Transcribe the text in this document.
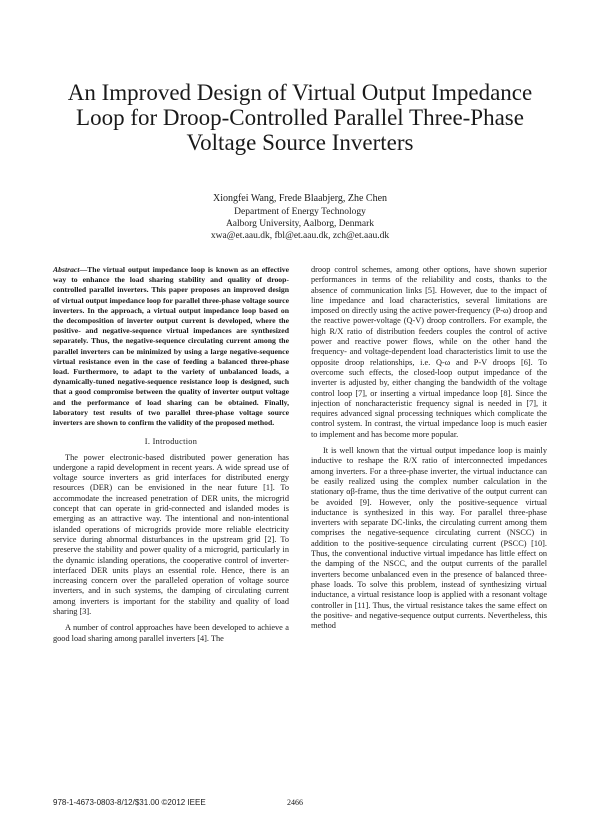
An Improved Design of Virtual Output Impedance
Loop for Droop-Controlled Parallel Three-Phase
Voltage Source Inverters
Xiongfei Wang, Frede Blaabjerg, Zhe Chen
Department of Energy Technology
Aalborg University, Aalborg, Denmark
xwa@et.aau.dk, fbl@et.aau.dk, zch@et.aau.dk

Abstract—The virtual output impedance loop is known as an effective way to enhance the load sharing stability and quality of droop-controlled parallel inverters. This paper proposes an improved design of virtual output impedance loop for parallel three-phase voltage source inverters. In the approach, a virtual output impedance loop based on the decomposition of inverter output current is developed, where the positive- and negative-sequence virtual impedances are synthesized separately. Thus, the negative-sequence circulating current among the parallel inverters can be minimized by using a large negative-sequence virtual resistance even in the case of feeding a balanced three-phase load. Furthermore, to adapt to the variety of unbalanced loads, a dynamically-tuned negative-sequence resistance loop is designed, such that a good compromise between the quality of inverter output voltage and the performance of load sharing can be obtained. Finally, laboratory test results of two parallel three-phase voltage source inverters are shown to confirm the validity of the proposed method.

I. Introduction

The power electronic-based distributed power generation has undergone a rapid development in recent years. A wide spread use of voltage source inverters as grid interfaces for distributed energy resources (DER) can be envisioned in the near future [1]. To accommodate the increased penetration of DER units, the microgrid concept that can operate in grid-connected and islanded modes is emerging as an attractive way. The intentional and non-intentional islanded operations of microgrids provide more reliable electricity service during abnormal disturbances in the upstream grid [2]. To preserve the stability and power quality of a microgrid, particularly in the dynamic islanding operations, the cooperative control of inverter-interfaced DER units plays an essential role. Hence, there is an increasing concern over the paralleled operation of voltage source inverters, and in such systems, the damping of circulating current among inverters is important for the stability and quality of load sharing [3].

A number of control approaches have been developed to achieve a good load sharing among parallel inverters [4]. The

droop control schemes, among other options, have shown superior performances in terms of the reliability and costs, thanks to the absence of communication links [5]. However, due to the impact of line impedance and load characteristics, several limitations are imposed on directly using the active power-frequency (P-ω) droop and the reactive power-voltage (Q-V) droop controllers. For example, the high R/X ratio of distribution feeders couples the control of active power and reactive power flows, while on the other hand the frequency- and voltage-dependent load characteristics limit to use the opposite droop relationships, i.e. Q-ω and P-V droops [6]. To overcome such effects, the closed-loop output impedance of the inverter is adjusted by, either changing the bandwidth of the voltage control loop [7], or inserting a virtual impedance loop [8]. Since the injection of noncharacteristic frequency signal is needed in [7], it requires advanced signal processing techniques which complicate the control system. In contrast, the virtual impedance loop is much easier to implement and has become more popular.

It is well known that the virtual output impedance loop is mainly inductive to reshape the R/X ratio of interconnected impedances among inverters. For a three-phase inverter, the virtual inductance can be easily realized using the complex number calculation in the stationary αβ-frame, thus the time derivative of the output current can be avoided [9]. However, only the positive-sequence virtual inductance is synthesized in this way. For parallel three-phase inverters with separate DC-links, the circulating current among them comprises the negative-sequence circulating current (NSCC) in addition to the positive-sequence circulating current (PSCC) [10]. Thus, the conventional inductive virtual impedance has little effect on the damping of the NSCC, and the output currents of the parallel inverters become unbalanced even in the presence of balanced three-phase loads. To solve this problem, instead of synthesizing virtual inductance, a virtual resistance loop is applied with a resonant voltage controller in [11]. Thus, the virtual resistance takes the same effect on the positive- and negative-sequence output currents. Nevertheless, this method

978-1-4673-0803-8/12/$31.00 ©2012 IEEE	2466
